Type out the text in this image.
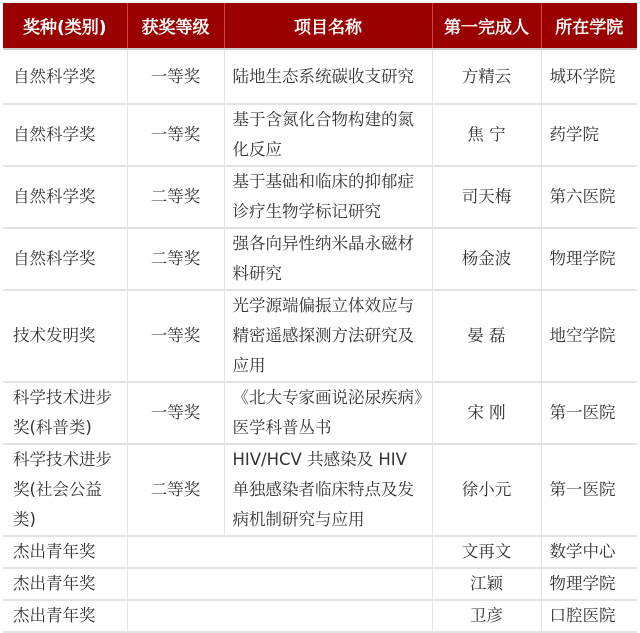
奖种(类别)	获奖等级	项目名称	第一完成人	所在学院
自然科学奖	一等奖	陆地生态系统碳收支研究	方精云	城环学院
自然科学奖	一等奖	基于含氮化合物构建的氮化反应	焦 宁	药学院
自然科学奖	二等奖	基于基础和临床的抑郁症诊疗生物学标记研究	司天梅	第六医院
自然科学奖	二等奖	强各向异性纳米晶永磁材料研究	杨金波	物理学院
技术发明奖	一等奖	光学源端偏振立体效应与精密遥感探测方法研究及应用	晏 磊	地空学院
科学技术进步奖(科普类)	一等奖	《北大专家画说泌尿疾病》医学科普丛书	宋 刚	第一医院
科学技术进步奖(社会公益类)	二等奖	HIV/HCV 共感染及 HIV 单独感染者临床特点及发病机制研究与应用	徐小元	第一医院
杰出青年奖			文再文	数学中心
杰出青年奖			江颖	物理学院
杰出青年奖			卫彦	口腔医院
